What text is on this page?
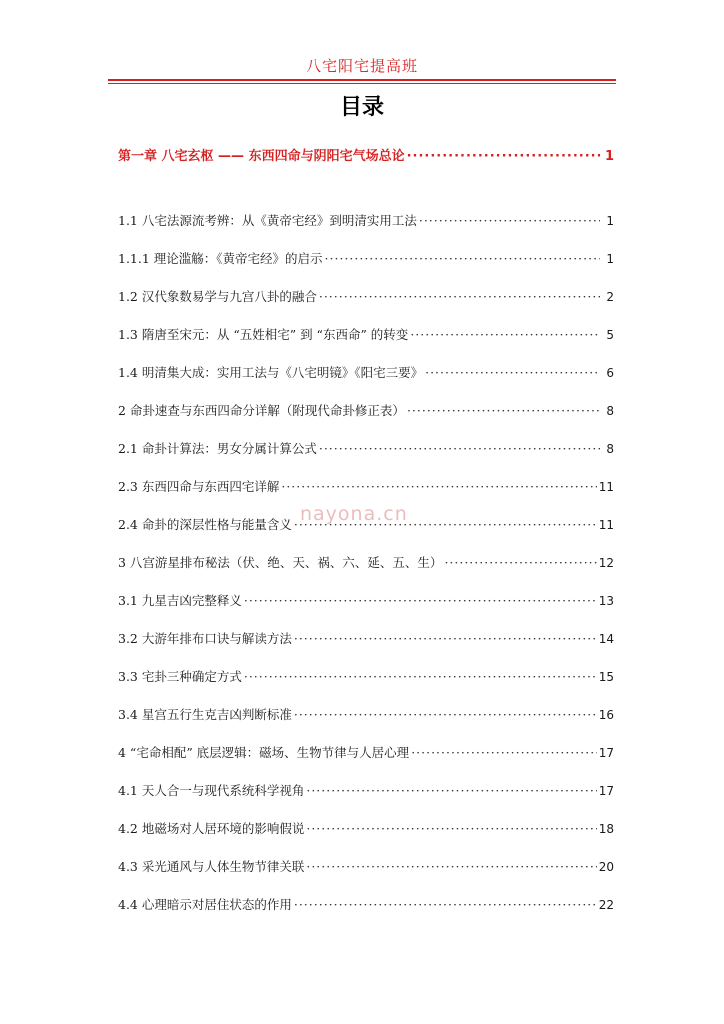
八宅阳宅提高班
目录
第一章 八宅玄枢 —— 东西四命与阴阳宅气场总论 ·····	1
1.1 八宅法源流考辨：从《黄帝宅经》到明清实用工法 ·····	1
1.1.1 理论滥觞：《黄帝宅经》的启示 ·····	1
1.2 汉代象数易学与九宫八卦的融合 ·····	2
1.3 隋唐至宋元：从 “五姓相宅” 到 “东西命” 的转变 ·····	5
1.4 明清集大成：实用工法与《八宅明镜》《阳宅三要》 ·····	6
2 命卦速查与东西四命分详解（附现代命卦修正表） ·····	8
2.1 命卦计算法：男女分属计算公式 ·····	8
2.3 东西四命与东西四宅详解 ·····	11
2.4 命卦的深层性格与能量含义 ·····	11
3 八宫游星排布秘法（伏、绝、天、祸、六、延、五、生） ·····	12
3.1 九星吉凶完整释义 ·····	13
3.2 大游年排布口诀与解读方法 ·····	14
3.3 宅卦三种确定方式 ·····	15
3.4 星宫五行生克吉凶判断标准 ·····	16
4 “宅命相配” 底层逻辑：磁场、生物节律与人居心理 ·····	17
4.1 天人合一与现代系统科学视角 ·····	17
4.2 地磁场对人居环境的影响假说 ·····	18
4.3 采光通风与人体生物节律关联 ·····	20
4.4 心理暗示对居住状态的作用 ·····	22
nayona.cn
